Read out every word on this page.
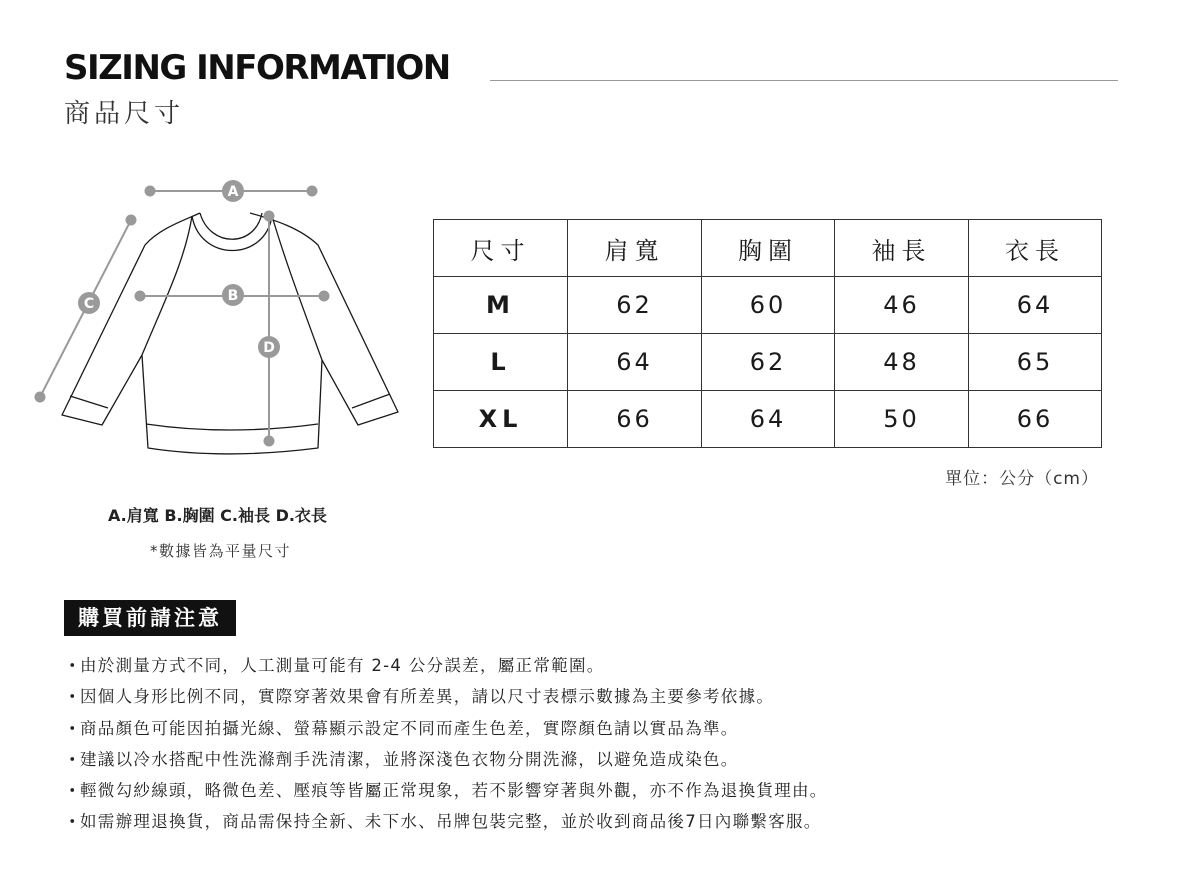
SIZING INFORMATION
商品尺寸
A
B
C
D
尺寸	肩寬	胸圍	袖長	衣長
M	62	60	46	64
L	64	62	48	65
XL	66	64	50	66
單位：公分（cm）
A.肩寬 B.胸圍 C.袖長 D.衣長
*數據皆為平量尺寸
購買前請注意
・由於測量方式不同，人工測量可能有 2-4 公分誤差，屬正常範圍。
・因個人身形比例不同，實際穿著效果會有所差異，請以尺寸表標示數據為主要參考依據。
・商品顏色可能因拍攝光線、螢幕顯示設定不同而產生色差，實際顏色請以實品為準。
・建議以冷水搭配中性洗滌劑手洗清潔，並將深淺色衣物分開洗滌，以避免造成染色。
・輕微勾紗線頭，略微色差、壓痕等皆屬正常現象，若不影響穿著與外觀，亦不作為退換貨理由。
・如需辦理退換貨，商品需保持全新、未下水、吊牌包裝完整，並於收到商品後7日內聯繫客服。
